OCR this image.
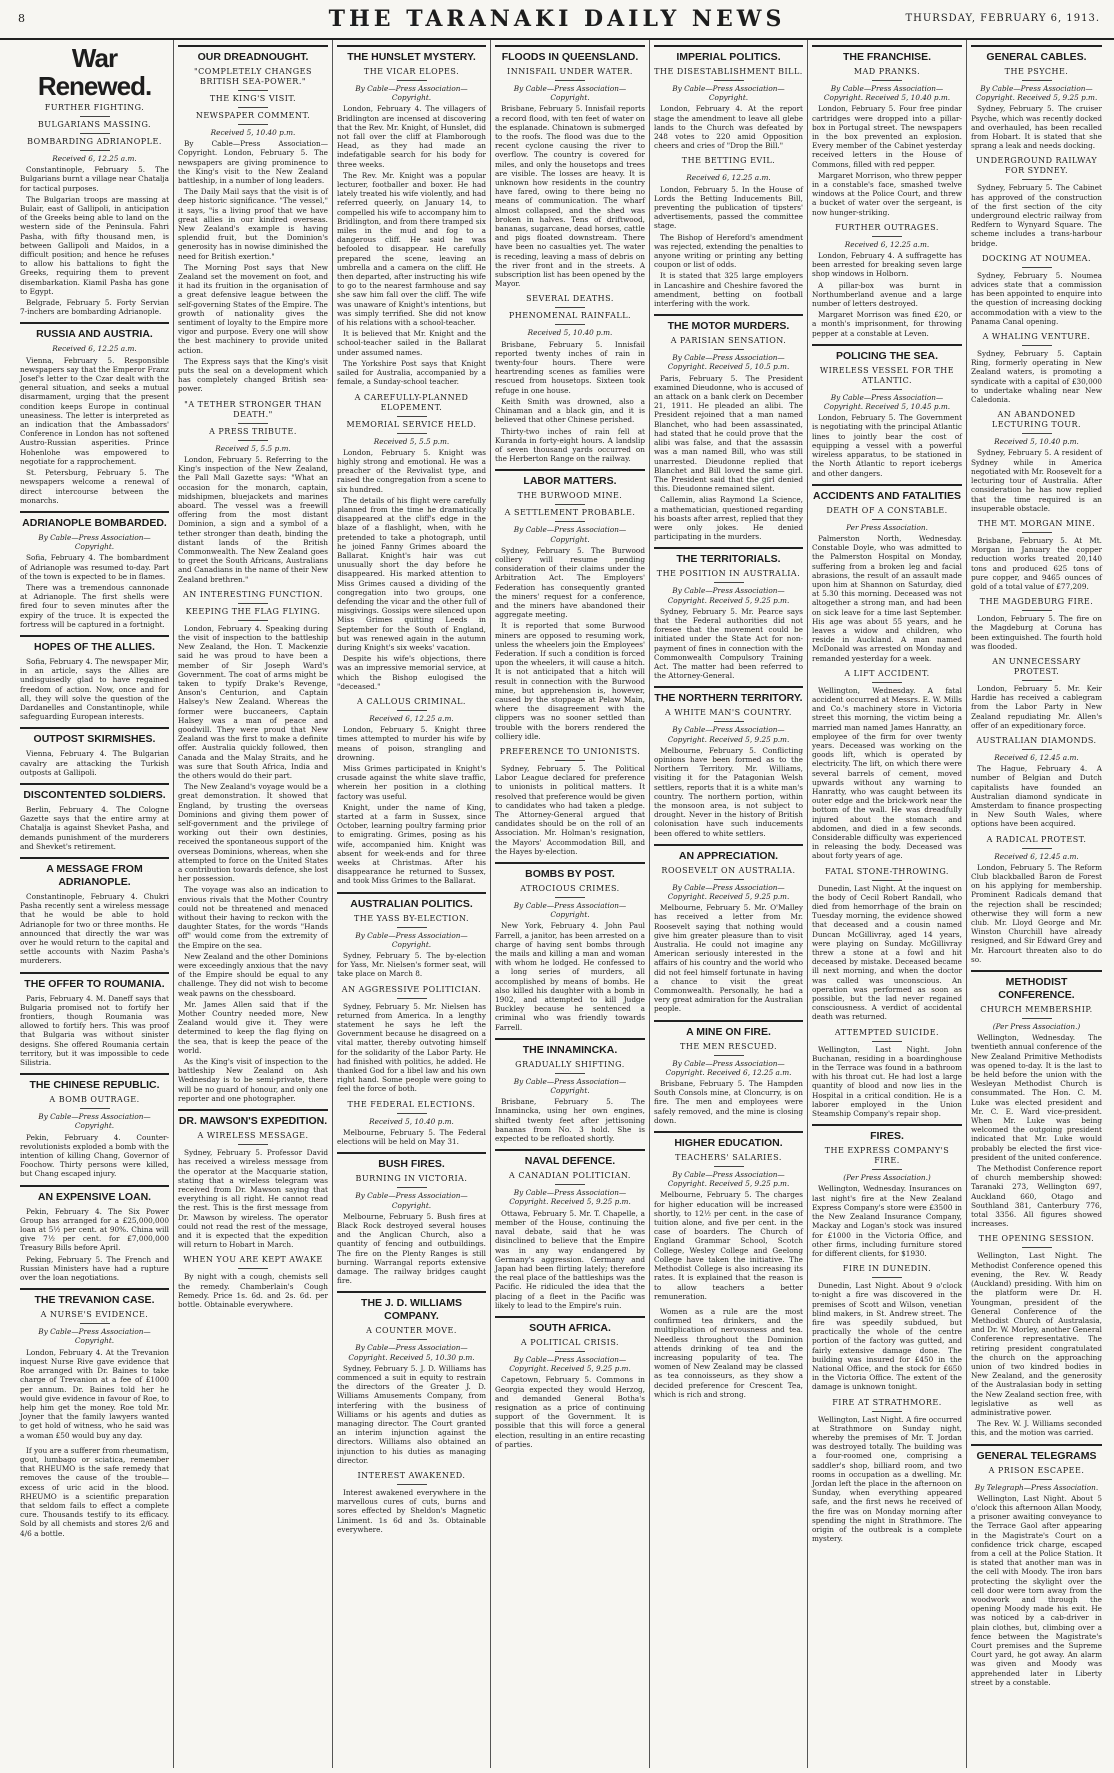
8	THE TARANAKI DAILY NEWS	THURSDAY, FEBRUARY 6, 1913.
War Renewed.
FURTHER FIGHTING.
BULGARIANS MASSING.
BOMBARDING ADRIANOPLE.
Received 6, 12.25 a.m.

Constantinople, February 5. The Bulgarians burnt a village near Chatalja for tactical purposes.

The Bulgarian troops are massing at Bulair, east of Gallipoli, in anticipation of the Greeks being able to land on the western side of the Peninsula. Fahri Pasha, with fifty thousand men, is between Gallipoli and Maidos, in a difficult position; and hence he refuses to allow his battalions to fight the Greeks, requiring them to prevent disembarkation. Kiamil Pasha has gone to Egypt.

Belgrade, February 5. Forty Servian 7-inchers are bombarding Adrianople.

RUSSIA AND AUSTRIA.
Received 6, 12.25 a.m.

Vienna, February 5. Responsible newspapers say that the Emperor Franz Josef's letter to the Czar dealt with the general situation, and seeks a mutual disarmament, urging that the present condition keeps Europe in continual uneasiness. The letter is interpreted as an indication that the Ambassadors' Conference in London has not softened Austro-Russian asperities. Prince Hohenlohe was empowered to negotiate for a rapprochement.

St. Petersburg, February 5. The newspapers welcome a renewal of direct intercourse between the monarchs.

ADRIANOPLE BOMBARDED.
By Cable—Press Association—Copyright.

Sofia, February 4. The bombardment of Adrianople was resumed to-day. Part of the town is expected to be in flames.

There was a tremendous cannonade at Adrianople. The first shells were fired four to seven minutes after the expiry of the truce. It is expected the fortress will be captured in a fortnight.

HOPES OF THE ALLIES.

Sofia, February 4. The newspaper Mir, in an article, says the Allies are undisguisedly glad to have regained freedom of action. Now, once and for all, they will solve the question of the Dardanelles and Constantinople, while safeguarding European interests.

OUTPOST SKIRMISHES.

Vienna, February 4. The Bulgarian cavalry are attacking the Turkish outposts at Gallipoli.

DISCONTENTED SOLDIERS.

Berlin, February 4. The Cologne Gazette says that the entire army at Chatalja is against Shevket Pasha, and demands punishment of the murderers and Shevket's retirement.

A MESSAGE FROM ADRIANOPLE.

Constantinople, February 4. Chukri Pasha recently sent a wireless message that he would be able to hold Adrianople for two or three months. He announced that directly the war was over he would return to the capital and settle accounts with Nazim Pasha's murderers.

THE OFFER TO ROUMANIA.

Paris, February 4. M. Daneff says that Bulgaria promised not to fortify her frontiers, though Roumania was allowed to fortify hers. This was proof that Bulgaria was without sinister designs. She offered Roumania certain territory, but it was impossible to cede Silistria.

THE CHINESE REPUBLIC.
A BOMB OUTRAGE.
By Cable—Press Association—Copyright.

Pekin, February 4. Counter-revolutionists exploded a bomb with the intention of killing Chang, Governor of Foochow. Thirty persons were killed, but Chang escaped injury.

AN EXPENSIVE LOAN.

Pekin, February 4. The Six Power Group has arranged for a £25,000,000 loan at 5½ per cent. at 90%. China will give 7½ per cent. for £7,000,000 Treasury Bills before April.

Peking, February 5. The French and Russian Ministers have had a rupture over the loan negotiations.

THE TREVANION CASE.
A NURSE'S EVIDENCE.
By Cable—Press Association—Copyright.

London, February 4. At the Trevanion inquest Nurse Rive gave evidence that Roe arranged with Dr. Baines to take charge of Trevanion at a fee of £1000 per annum. Dr. Baines told her he would give evidence in favour of Roe, to help him get the money. Roe told Mr. Joyner that the family lawyers wanted to get hold of witness, who he said was a woman £50 would buy any day.

If you are a sufferer from rheumatism, gout, lumbago or sciatica, remember that RHEUMO is the safe remedy that removes the cause of the trouble—excess of uric acid in the blood. RHEUMO is a scientific preparation that seldom fails to effect a complete cure. Thousands testify to its efficacy. Sold by all chemists and stores 2/6 and 4/6 a bottle.

OUR DREADNOUGHT.
"COMPLETELY CHANGES BRITISH SEA-POWER."
THE KING'S VISIT.
NEWSPAPER COMMENT.
Received 5, 10.40 p.m.

By Cable—Press Association—Copyright. London, February 5. The newspapers are giving prominence to the King's visit to the New Zealand battleship, in a number of long leaders.

The Daily Mail says that the visit is of deep historic significance. "The vessel," it says, "is a living proof that we have great allies in our kindred overseas. New Zealand's example is having splendid fruit, but the Dominion's generosity has in nowise diminished the need for British exertion."

The Morning Post says that New Zealand set the movement on foot, and it had its fruition in the organisation of a great defensive league between the self-governing States of the Empire. The growth of nationality gives the sentiment of loyalty to the Empire more vigor and purpose. Every one will show the best machinery to provide united action.

The Express says that the King's visit puts the seal on a development which has completely changed British sea-power.

"A TETHER STRONGER THAN DEATH."
A PRESS TRIBUTE.
Received 5, 5.5 p.m.

London, February 5. Referring to the King's inspection of the New Zealand, the Pall Mall Gazette says: "What an occasion for the monarch, captain, midshipmen, bluejackets and marines aboard. The vessel was a freewill offering from the most distant Dominion, a sign and a symbol of a tether stronger than death, binding the distant lands of the British Commonwealth. The New Zealand goes to greet the South Africans, Australians and Canadians in the name of their New Zealand brethren."

AN INTERESTING FUNCTION.
KEEPING THE FLAG FLYING.

London, February 4. Speaking during the visit of inspection to the battleship New Zealand, the Hon. T. Mackenzie said he was proud to have been a member of Sir Joseph Ward's Government. The coat of arms might be taken to typify Drake's Revenge, Anson's Centurion, and Captain Halsey's New Zealand. Whereas the former were buccaneers, Captain Halsey was a man of peace and goodwill. They were proud that New Zealand was the first to make a definite offer. Australia quickly followed, then Canada and the Malay Straits, and he was sure that South Africa, India and the others would do their part.

The New Zealand's voyage would be a great demonstration. It showed that England, by trusting the overseas Dominions and giving them power of self-government and the privilege of working out their own destinies, received the spontaneous support of the overseas Dominions, whereas, when she attempted to force on the United States a contribution towards defence, she lost her possession.

The voyage was also an indication to envious rivals that the Mother Country could not be threatened and menaced without their having to reckon with the daughter States, for the words "Hands off" would come from the extremity of the Empire on the sea.

New Zealand and the other Dominions were exceedingly anxious that the navy of the Empire should be equal to any challenge. They did not wish to become weak pawns on the chessboard.

Mr. James Allen said that if the Mother Country needed more, New Zealand would give it. They were determined to keep the flag flying on the sea, that is keep the peace of the world.

As the King's visit of inspection to the battleship New Zealand on Ash Wednesday is to be semi-private, there will be no guard of honour, and only one reporter and one photographer.

DR. MAWSON'S EXPEDITION.
A WIRELESS MESSAGE.

Sydney, February 5. Professor David has received a wireless message from the operator at the Macquarie station, stating that a wireless telegram was received from Dr. Mawson saying that everything is all right. He cannot read the rest. This is the first message from Dr. Mawson by wireless. The operator could not read the rest of the message, and it is expected that the expedition will return to Hobart in March.

WHEN YOU ARE KEPT AWAKE

By night with a cough, chemists sell the remedy. Chamberlain's Cough Remedy. Price 1s. 6d. and 2s. 6d. per bottle. Obtainable everywhere.

THE HUNSLET MYSTERY.
THE VICAR ELOPES.
By Cable—Press Association—Copyright.

London, February 4. The villagers of Bridlington are incensed at discovering that the Rev. Mr. Knight, of Hunslet, did not fall over the cliff at Flamborough Head, as they had made an indefatigable search for his body for three weeks.

The Rev. Mr. Knight was a popular lecturer, footballer and boxer. He had lately treated his wife violently, and had referred queerly, on January 14, to compelled his wife to accompany him to Bridlington, and from there tramped six miles in the mud and fog to a dangerous cliff. He said he was befooled to disappear. He carefully prepared the scene, leaving an umbrella and a camera on the cliff. He then departed, after instructing his wife to go to the nearest farmhouse and say she saw him fall over the cliff. The wife was unaware of Knight's intentions, but was simply terrified. She did not know of his relations with a school-teacher.

It is believed that Mr. Knight and the school-teacher sailed in the Ballarat under assumed names.

The Yorkshire Post says that Knight sailed for Australia, accompanied by a female, a Sunday-school teacher.

A CAREFULLY-PLANNED ELOPEMENT.
MEMORIAL SERVICE HELD.
Received 5, 5.5 p.m.

London, February 5. Knight was highly strong and emotional. He was a preacher of the Revivalist type, and raised the congregation from a scene to six hundred.

The details of his flight were carefully planned from the time he dramatically disappeared at the cliff's edge in the blaze of a flashlight, when, with he pretended to take a photograph, until he joined Fanny Grimes aboard the Ballarat. Knight's hair was cut unusually short the day before he disappeared. His marked attention to Miss Grimes caused a dividing of the congregation into two groups, one defending the vicar and the other full of misgivings. Gossips were silenced upon Miss Grimes quitting Leeds in September for the South of England, but was renewed again in the autumn during Knight's six weeks' vacation.

Despite his wife's objections, there was an impressive memorial service, at which the Bishop eulogised the "deceased."

A CALLOUS CRIMINAL.
Received 6, 12.25 a.m.

London, February 5. Knight three times attempted to murder his wife by means of poison, strangling and drowning.

Miss Grimes participated in Knight's crusade against the white slave traffic, wherein her position in a clothing factory was useful.

Knight, under the name of King, started at a farm in Sussex, since October, learning poultry farming prior to emigrating. Grimes, posing as his wife, accompanied him. Knight was absent for week-ends and for three weeks at Christmas. After his disappearance he returned to Sussex, and took Miss Grimes to the Ballarat.

AUSTRALIAN POLITICS.
THE YASS BY-ELECTION.
By Cable—Press Association—Copyright.

Sydney, February 5. The by-election for Yass, Mr. Nielsen's former seat, will take place on March 8.

AN AGGRESSIVE POLITICIAN.

Sydney, February 5. Mr. Nielsen has returned from America. In a lengthy statement he says he left the Government because he disagreed on a vital matter, thereby outvoting himself for the solidarity of the Labor Party. He had finished with politics, he added. He thanked God for a libel law and his own right hand. Some people were going to feel the force of both.

THE FEDERAL ELECTIONS.
Received 5, 10.40 p.m.

Melbourne, February 5. The Federal elections will be held on May 31.

BUSH FIRES.
BURNING IN VICTORIA.
By Cable—Press Association—Copyright.

Melbourne, February 5. Bush fires at Black Rock destroyed several houses and the Anglican Church, also a quantity of fencing and outbuildings. The fire on the Plenty Ranges is still burning. Warrangal reports extensive damage. The railway bridges caught fire.

THE J. D. WILLIAMS COMPANY.
A COUNTER MOVE.
By Cable—Press Association—Copyright. Received 5, 10.30 p.m.

Sydney, February 5. J. D. Williams has commenced a suit in equity to restrain the directors of the Greater J. D. Williams Amusements Company, from interfering with the business of Williams or his agents and duties as managing director. The Court granted an interim injunction against the directors. Williams also obtained an injunction to his duties as managing director.

INTEREST AWAKENED.

Interest awakened everywhere in the marvellous cures of cuts, burns and sores effected by Sheldon's Magnetic Liniment. 1s 6d and 3s. Obtainable everywhere.

FLOODS IN QUEENSLAND.
INNISFAIL UNDER WATER.
By Cable—Press Association—Copyright.

Brisbane, February 5. Innisfail reports a record flood, with ten feet of water on the esplanade. Chinatown is submerged to the roofs. The flood was due to the recent cyclone causing the river to overflow. The country is covered for miles, and only the housetops and trees are visible. The losses are heavy. It is unknown how residents in the country have fared, owing to there being no means of communication. The wharf almost collapsed, and the shed was broken in halves. Tens of driftwood, bananas, sugarcane, dead horses, cattle and pigs floated downstream. There have been no casualties yet. The water is receding, leaving a mass of debris on the river front and in the streets. A subscription list has been opened by the Mayor.

SEVERAL DEATHS.
PHENOMENAL RAINFALL.
Received 5, 10.40 p.m.

Brisbane, February 5. Innisfail reported twenty inches of rain in twenty-four hours. There were heartrending scenes as families were rescued from housetops. Sixteen took refuge in one house.

Keith Smith was drowned, also a Chinaman and a black gin, and it is believed that other Chinese perished.

Thirty-two inches of rain fell at Kuranda in forty-eight hours. A landslip of seven thousand yards occurred on the Herberton Range on the railway.

LABOR MATTERS.
THE BURWOOD MINE.
A SETTLEMENT PROBABLE.
By Cable—Press Association—Copyright.

Sydney, February 5. The Burwood colliery will resume pending consideration of their claims under the Arbitration Act. The Employers' Federation has consequently granted the miners' request for a conference, and the miners have abandoned their aggregate meeting.

It is reported that some Burwood miners are opposed to resuming work, unless the wheelers join the Employees' Federation. If such a condition is forced upon the wheelers, it will cause a hitch. It is not anticipated that a hitch will result in connection with the Burwood mine, but apprehension is, however, caused by the stoppage at Pelaw Main, where the disagreement with the clippers was no sooner settled than trouble with the borers rendered the colliery idle.

PREFERENCE TO UNIONISTS.

Sydney, February 5. The Political Labor League declared for preference to unionists in political matters. It resolved that preference would be given to candidates who had taken a pledge. The Attorney-General argued that candidates should be on the roll of an Association. Mr. Holman's resignation, the Mayors' Accommodation Bill, and the Hayes by-election.

BOMBS BY POST.
ATROCIOUS CRIMES.
By Cable—Press Association—Copyright.

New York, February 4. John Paul Farrell, a janitor, has been arrested on a charge of having sent bombs through the mails and killing a man and woman with whom he lodged. He confessed to a long series of murders, all accomplished by means of bombs. He also killed his daughter with a bomb in 1902, and attempted to kill Judge Buckley because he sentenced a criminal who was friendly towards Farrell.

THE INNAMINCKA.
GRADUALLY SHIFTING.
By Cable—Press Association—Copyright.

Brisbane, February 5. The Innamincka, using her own engines, shifted twenty feet after jettisoning bananas from No. 3 hold. She is expected to be refloated shortly.

NAVAL DEFENCE.
A CANADIAN POLITICIAN.
By Cable—Press Association—Copyright. Received 5, 9.25 p.m.

Ottawa, February 5. Mr. T. Chapelle, a member of the House, continuing the naval debate, said that he was disinclined to believe that the Empire was in any way endangered by Germany's aggression. Germany and Japan had been flirting lately; therefore the real place of the battleships was the Pacific. He ridiculed the idea that the placing of a fleet in the Pacific was likely to lead to the Empire's ruin.

SOUTH AFRICA.
A POLITICAL CRISIS.
By Cable—Press Association—Copyright. Received 5, 9.25 p.m.

Capetown, February 5. Commons in Georgia expected they would Herzog, and demanded General Botha's resignation as a price of continuing support of the Government. It is possible that this will force a general election, resulting in an entire recasting of parties.

IMPERIAL POLITICS.
THE DISESTABLISHMENT BILL.
By Cable—Press Association—Copyright.

London, February 4. At the report stage the amendment to leave all glebe lands to the Church was defeated by 248 votes to 220 amid Opposition cheers and cries of "Drop the Bill."

THE BETTING EVIL.
Received 6, 12.25 a.m.

London, February 5. In the House of Lords the Betting Inducements Bill, preventing the publication of tipsters' advertisements, passed the committee stage.

The Bishop of Hereford's amendment was rejected, extending the penalties to anyone writing or printing any betting coupon or list of odds.

It is stated that 325 large employers in Lancashire and Cheshire favored the amendment, betting on football interfering with the work.

THE MOTOR MURDERS.
A PARISIAN SENSATION.
By Cable—Press Association—Copyright. Received 5, 10.5 p.m.

Paris, February 5. The President examined Dieudonne, who is accused of an attack on a bank clerk on December 21, 1911. He pleaded an alibi. The President rejoined that a man named Blanchet, who had been assassinated, had stated that he could prove that the alibi was false, and that the assassin was a man named Bill, who was still unarrested. Dieudonne replied that Blanchet and Bill loved the same girl. The President said that the girl denied this. Dieudonne remained silent.

Callemin, alias Raymond La Science, a mathematician, questioned regarding his boasts after arrest, replied that they were only jokes. He denied participating in the murders.

THE TERRITORIALS.
THE POSITION IN AUSTRALIA.
By Cable—Press Association—Copyright. Received 5, 9.25 p.m.

Sydney, February 5. Mr. Pearce says that the Federal authorities did not foresee that the movement could be initiated under the State Act for non-payment of fines in connection with the Commonwealth Compulsory Training Act. The matter had been referred to the Attorney-General.

THE NORTHERN TERRITORY.
A WHITE MAN'S COUNTRY.
By Cable—Press Association—Copyright. Received 5, 9.25 p.m.

Melbourne, February 5. Conflicting opinions have been formed as to the Northern Territory. Mr. Williams, visiting it for the Patagonian Welsh settlers, reports that it is a white man's country. The northern portion, within the monsoon area, is not subject to drought. Never in the history of British colonisation have such inducements been offered to white settlers.

AN APPRECIATION.
ROOSEVELT ON AUSTRALIA.
By Cable—Press Association—Copyright. Received 5, 9.25 p.m.

Melbourne, February 5. Mr. O'Malley has received a letter from Mr. Roosevelt saying that nothing would give him greater pleasure than to visit Australia. He could not imagine any American seriously interested in the affairs of his country and the world who did not feel himself fortunate in having a chance to visit the great Commonwealth. Personally, he had a very great admiration for the Australian people.

A MINE ON FIRE.
THE MEN RESCUED.
By Cable—Press Association—Copyright. Received 6, 12.25 a.m.

Brisbane, February 5. The Hampden South Consols mine, at Cloncurry, is on fire. The men and employees were safely removed, and the mine is closing down.

HIGHER EDUCATION.
TEACHERS' SALARIES.
By Cable—Press Association—Copyright. Received 5, 9.25 p.m.

Melbourne, February 5. The charges for higher education will be increased shortly, to 12½ per cent. in the case of tuition alone, and five per cent. in the case of boarders. The Church of England Grammar School, Scotch College, Wesley College and Geelong College have taken the initiative. The Methodist College is also increasing its rates. It is explained that the reason is to allow teachers a better remuneration.

Women as a rule are the most confirmed tea drinkers, and the multiplication of nervousness and tea. Needless throughout the Dominion attends drinking of tea and the increasing popularity of tea. The women of New Zealand may be classed as tea connoisseurs, as they show a decided preference for Crescent Tea, which is rich and strong.

THE FRANCHISE.
MAD PRANKS.
By Cable—Press Association—Copyright. Received 5, 10.40 p.m.

London, February 5. Four free pindar cartridges were dropped into a pillar-box in Portugal street. The newspapers in the box prevented an explosion. Every member of the Cabinet yesterday received letters in the House of Commons, filled with red pepper.

Margaret Morrison, who threw pepper in a constable's face, smashed twelve windows at the Police Court, and threw a bucket of water over the sergeant, is now hunger-striking.

FURTHER OUTRAGES.
Received 6, 12.25 a.m.

London, February 4. A suffragette has been arrested for breaking seven large shop windows in Holborn.

A pillar-box was burnt in Northumberland avenue and a large number of letters destroyed.

Margaret Morrison was fined £20, or a month's imprisonment, for throwing pepper at a constable at Leven.

POLICING THE SEA.
WIRELESS VESSEL FOR THE ATLANTIC.
By Cable—Press Association—Copyright. Received 5, 10.45 p.m.

London, February 5. The Government is negotiating with the principal Atlantic lines to jointly bear the cost of equipping a vessel with a powerful wireless apparatus, to be stationed in the North Atlantic to report icebergs and other dangers.

ACCIDENTS AND FATALITIES
DEATH OF A CONSTABLE.
Per Press Association.

Palmerston North, Wednesday. Constable Doyle, who was admitted to the Palmerston Hospital on Monday, suffering from a broken leg and facial abrasions, the result of an assault made upon him at Shannon on Saturday, died at 5.30 this morning. Deceased was not altogether a strong man, and had been on sick leave for a time last September. His age was about 55 years, and he leaves a widow and children, who reside in Auckland. A man named McDonald was arrested on Monday and remanded yesterday for a week.

A LIFT ACCIDENT.

Wellington, Wednesday. A fatal accident occurred at Messrs. E. W. Mills and Co.'s machinery store in Victoria street this morning, the victim being a married man named James Hanratty, an employee of the firm for over twenty years. Deceased was working on the goods lift, which is operated by electricity. The lift, on which there were several barrels of cement, moved upwards without any warning to Hanratty, who was caught between its outer edge and the brick-work near the bottom of the wall. He was dreadfully injured about the stomach and abdomen, and died in a few seconds. Considerable difficulty was experienced in releasing the body. Deceased was about forty years of age.

FATAL STONE-THROWING.

Dunedin, Last Night. At the inquest on the body of Cecil Robert Randall, who died from hemorrhage of the brain on Tuesday morning, the evidence showed that deceased and a cousin named Duncan McGillivray, aged 14 years, were playing on Sunday. McGillivray threw a stone at a fowl and hit deceased by mistake. Deceased became ill next morning, and when the doctor was called was unconscious. An operation was performed as soon as possible, but the lad never regained consciousness. A verdict of accidental death was returned.

ATTEMPTED SUICIDE.

Wellington, Last Night. John Buchanan, residing in a boardinghouse in the Terrace was found in a bathroom with his throat cut. He had lost a large quantity of blood and now lies in the Hospital in a critical condition. He is a laborer employed in the Union Steamship Company's repair shop.

FIRES.
THE EXPRESS COMPANY'S FIRE.
(Per Press Association.)

Wellington, Wednesday. Insurances on last night's fire at the New Zealand Express Company's store were £3500 in the New Zealand Insurance Company, Mackay and Logan's stock was insured for £1000 in the Victoria Office, and other firms, including furniture stored for different clients, for $1930.

FIRE IN DUNEDIN.

Dunedin, Last Night. About 9 o'clock to-night a fire was discovered in the premises of Scott and Wilson, venetian blind makers, in St. Andrew street. The fire was speedily subdued, but practically the whole of the centre portion of the factory was gutted, and fairly extensive damage done. The building was insured for £450 in the National Office, and the stock for £650 in the Victoria Office. The extent of the damage is unknown tonight.

FIRE AT STRATHMORE.

Wellington, Last Night. A fire occurred at Strathmore on Sunday night, whereby the premises of Mr. T. Jordan was destroyed totally. The building was a four-roomed one, comprising a saddler's shop, billiard room, and two rooms in occupation as a dwelling. Mr. Jordan left the place in the afternoon on Sunday, when everything appeared safe, and the first news he received of the fire was on Monday morning after spending the night in Strathmore. The origin of the outbreak is a complete mystery.

GENERAL CABLES.
THE PSYCHE.
By Cable—Press Association—Copyright. Received 5, 9.25 p.m.

Sydney, February 5. The cruiser Psyche, which was recently docked and overhauled, has been recalled from Hobart. It is stated that she sprang a leak and needs docking.

UNDERGROUND RAILWAY FOR SYDNEY.

Sydney, February 5. The Cabinet has approved of the construction of the first section of the city underground electric railway from Redfern to Wynyard Square. The scheme includes a trans-harbour bridge.

DOCKING AT NOUMEA.

Sydney, February 5. Noumea advices state that a commission has been appointed to enquire into the question of increasing docking accommodation with a view to the Panama Canal opening.

A WHALING VENTURE.

Sydney, February 5. Captain Ring, formerly operating in New Zealand waters, is promoting a syndicate with a capital of £30,000 to undertake whaling near New Caledonia.

AN ABANDONED LECTURING TOUR.
Received 5, 10.40 p.m.

Sydney, February 5. A resident of Sydney while in America negotiated with Mr. Roosevelt for a lecturing tour of Australia. After consideration he has now replied that the time required is an insuperable obstacle.

THE MT. MORGAN MINE.

Brisbane, February 5. At Mt. Morgan in January the copper reduction works treated 20,140 tons and produced 625 tons of pure copper, and 9465 ounces of gold of a total value of £77,209.

THE MAGDEBURG FIRE.

London, February 5. The fire on the Magdeburg at Coruna has been extinguished. The fourth hold was flooded.

AN UNNECESSARY PROTEST.

London, February 5. Mr. Keir Hardie has received a cablegram from the Labor Party in New Zealand repudiating Mr. Allen's offer of an expeditionary force.

AUSTRALIAN DIAMONDS.
Received 6, 12.45 a.m.

The Hague, February 4. A number of Belgian and Dutch capitalists have founded an Australian diamond syndicate in Amsterdam to finance prospecting in New South Wales, where options have been acquired.

A RADICAL PROTEST.
Received 6, 12.45 a.m.

London, February 5. The Reform Club blackballed Baron de Forest on his applying for membership. Prominent Radicals demand that the rejection shall be rescinded; otherwise they will form a new club. Mr. Lloyd George and Mr. Winston Churchill have already resigned, and Sir Edward Grey and Mr. Harcourt threaten also to do so.

METHODIST CONFERENCE.
CHURCH MEMBERSHIP.
(Per Press Association.)

Wellington, Wednesday. The twentieth annual conference of the New Zealand Primitive Methodists was opened to-day. It is the last to be held before the union with the Wesleyan Methodist Church is consummated. The Hon. C. M. Luke was elected president and Mr. C. E. Ward vice-president. When Mr. Luke was being welcomed the outgoing president indicated that Mr. Luke would probably be elected the first vice-president of the united conference.

The Methodist Conference report of church membership showed: Taranaki 273, Wellington 697, Auckland 660, Otago and Southland 381, Canterbury 776, total 3356. All figures showed increases.

THE OPENING SESSION.

Wellington, Last Night. The Methodist Conference opened this evening, the Rev. W. Ready (Auckland) presiding. With him on the platform were Dr. H. Youngman, president of the General Conference of the Methodist Church of Australasia, and Dr. W. Morley, another General Conference representative. The retiring president congratulated the church on the approaching union of two kindred bodies in New Zealand, and the generosity of the Australasian body in setting the New Zealand section free, with legislative as well as administrative power.

The Rev. W. J. Williams seconded this, and the motion was carried.

GENERAL TELEGRAMS
A PRISON ESCAPEE.
By Telegraph—Press Association.

Wellington, Last Night. About 5 o'clock this afternoon Allan Moody, a prisoner awaiting conveyance to the Terrace Gaol after appearing in the Magistrate's Court on a confidence trick charge, escaped from a cell at the Police Station. It is stated that another man was in the cell with Moody. The iron bars protecting the skylight over the cell door were torn away from the woodwork and through the opening Moody made his exit. He was noticed by a cab-driver in plain clothes, but, climbing over a fence between the Magistrate's Court premises and the Supreme Court yard, he got away. An alarm was given and Moody was apprehended later in Liberty street by a constable.
